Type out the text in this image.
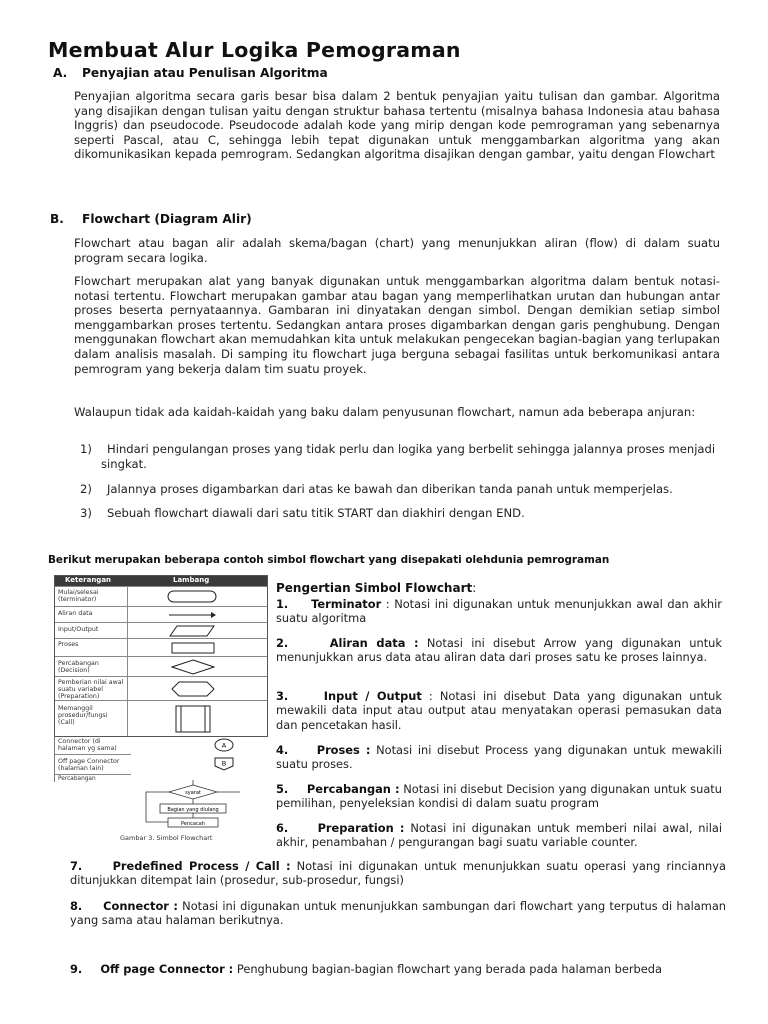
Membuat Alur Logika Pemograman
A. Penyajian atau Penulisan Algoritma
Penyajian algoritma secara garis besar bisa dalam 2 bentuk penyajian yaitu tulisan dan gambar. Algoritma yang disajikan dengan tulisan yaitu dengan struktur bahasa tertentu (misalnya bahasa Indonesia atau bahasa Inggris) dan pseudocode. Pseudocode adalah kode yang mirip dengan kode pemrograman yang sebenarnya seperti Pascal, atau C, sehingga lebih tepat digunakan untuk menggambarkan algoritma yang akan dikomunikasikan kepada pemrogram. Sedangkan algoritma disajikan dengan gambar, yaitu dengan Flowchart
B. Flowchart (Diagram Alir)
Flowchart atau bagan alir adalah skema/bagan (chart) yang menunjukkan aliran (flow) di dalam suatu program secara logika.
Flowchart merupakan alat yang banyak digunakan untuk menggambarkan algoritma dalam bentuk notasi-notasi tertentu. Flowchart merupakan gambar atau bagan yang memperlihatkan urutan dan hubungan antar proses beserta pernyataannya. Gambaran ini dinyatakan dengan simbol. Dengan demikian setiap simbol menggambarkan proses tertentu. Sedangkan antara proses digambarkan dengan garis penghubung. Dengan menggunakan flowchart akan memudahkan kita untuk melakukan pengecekan bagian-bagian yang terlupakan dalam analisis masalah. Di samping itu flowchart juga berguna sebagai fasilitas untuk berkomunikasi antara pemrogram yang bekerja dalam tim suatu proyek.
Walaupun tidak ada kaidah-kaidah yang baku dalam penyusunan flowchart, namun ada beberapa anjuran:
1)	Hindari pengulangan proses yang tidak perlu dan logika yang berbelit sehingga jalannya proses menjadi singkat.
2) Jalannya proses digambarkan dari atas ke bawah dan diberikan tanda panah untuk memperjelas.
3) Sebuah flowchart diawali dari satu titik START dan diakhiri dengan END.
Berikut merupakan beberapa contoh simbol flowchart yang disepakati olehdunia pemrograman
Keterangan	Lambang
Mulai/selesai (terminator)
Aliran data
Input/Output
Proses
Percabangan (Decision)
Pemberian nilai awal suatu variabel (Preparation)
Memanggil prosedur/fungsi (Call)
Connector (di halaman yg sama)	A
Off page Connector (halaman lain)
B
Percabangan
syarat
Bagian yang diulang
Pencacah
Gambar 3. Simbol Flowchart
Pengertian Simbol Flowchart:
1. Terminator : Notasi ini digunakan untuk menunjukkan awal dan akhir suatu algoritma
2.	Aliran data : Notasi ini disebut Arrow yang digunakan untuk menunjukkan arus data atau aliran data dari proses satu ke proses lainnya.
3.	Input / Output : Notasi ini disebut Data yang digunakan untuk mewakili data input atau output atau menyatakan operasi pemasukan data dan pencetakan hasil.
4. Proses : Notasi ini disebut Process yang digunakan untuk mewakili suatu proses.
5. Percabangan : Notasi ini disebut Decision yang digunakan untuk suatu pemilihan, penyeleksian kondisi di dalam suatu program
6.	Preparation : Notasi ini digunakan untuk memberi nilai awal, nilai akhir, penambahan / pengurangan bagi suatu variable counter.
7.	Predefined Process / Call : Notasi ini digunakan untuk menunjukkan suatu operasi yang rinciannya ditunjukkan ditempat lain (prosedur, sub-prosedur, fungsi)
8. Connector : Notasi ini digunakan untuk menunjukkan sambungan dari flowchart yang terputus di halaman yang sama atau halaman berikutnya.
9. Off page Connector : Penghubung bagian-bagian flowchart yang berada pada halaman berbeda
